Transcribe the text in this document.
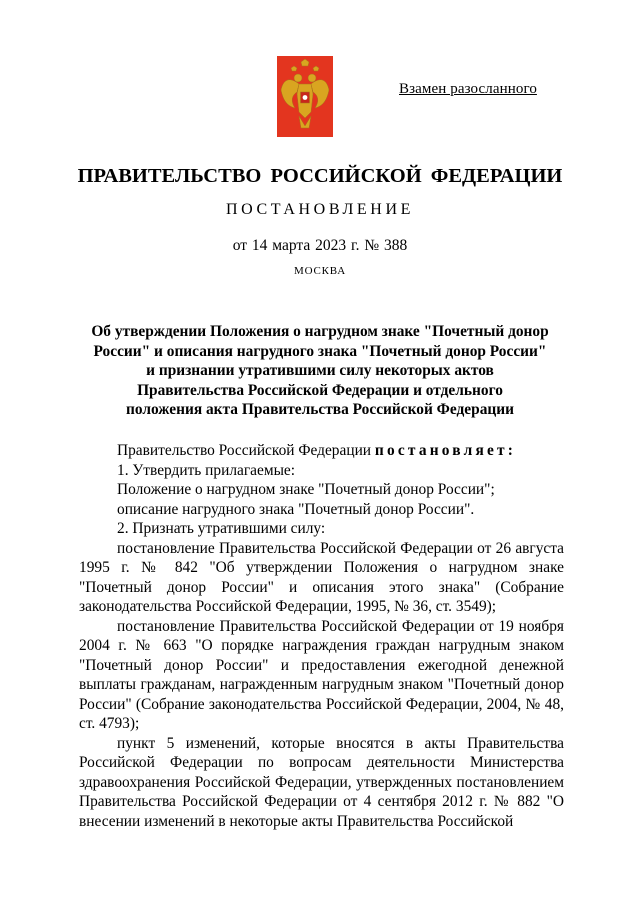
Взамен разосланного
ПРАВИТЕЛЬСТВО РОССИЙСКОЙ ФЕДЕРАЦИИ
ПОСТАНОВЛЕНИЕ
от 14 марта 2023 г. № 388
МОСКВА
Об утверждении Положения о нагрудном знаке "Почетный донор
России" и описания нагрудного знака "Почетный донор России"
и признании утратившими силу некоторых актов
Правительства Российской Федерации и отдельного
положения акта Правительства Российской Федерации
Правительство Российской Федерации постановляет:
1. Утвердить прилагаемые:
Положение о нагрудном знаке "Почетный донор России";
описание нагрудного знака "Почетный донор России".
2. Признать утратившими силу:
постановление Правительства Российской Федерации от 26 августа 1995 г. № 842 "Об утверждении Положения о нагрудном знаке "Почетный донор России" и описания этого знака" (Собрание законодательства Российской Федерации, 1995, № 36, ст. 3549);
постановление Правительства Российской Федерации от 19 ноября 2004 г. № 663 "О порядке награждения граждан нагрудным знаком "Почетный донор России" и предоставления ежегодной денежной выплаты гражданам, награжденным нагрудным знаком "Почетный донор России" (Собрание законодательства Российской Федерации, 2004, № 48, ст. 4793);
пункт 5 изменений, которые вносятся в акты Правительства Российской Федерации по вопросам деятельности Министерства здравоохранения Российской Федерации, утвержденных постановлением Правительства Российской Федерации от 4 сентября 2012 г. № 882 "О внесении изменений в некоторые акты Правительства Российской
